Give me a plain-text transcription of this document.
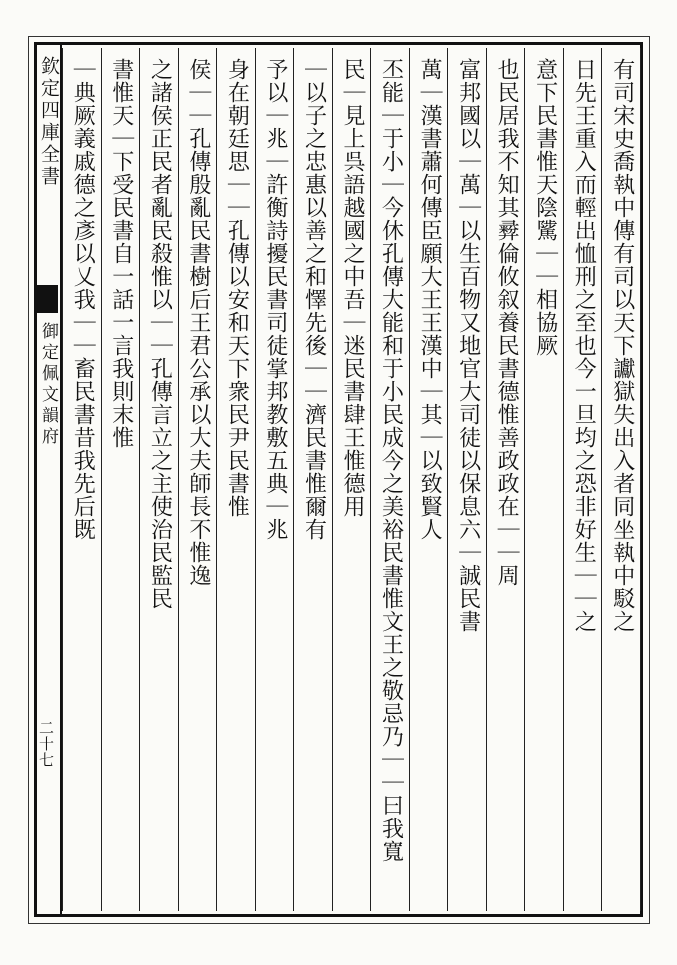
欽定四庫全書
御定佩文韻府
二十七
有司宋史喬執中傳有司以天下讞獄失出入者同坐執中駁之
日先王重入而輕出恤刑之至也今一旦均之恐非好生｜｜之
意下民書惟天陰騭｜｜相協厥
也民居我不知其彛倫攸叙養民書德惟善政政在｜｜周
富邦國以｜萬｜以生百物又地官大司徒以保息六｜誠民書
萬｜漢書蕭何傳臣願大王王漢中｜其｜以致賢人
丕能｜于小｜今休孔傳大能和于小民成今之美裕民書惟文王之敬忌乃｜｜曰我寬
民｜見上呉語越國之中吾｜迷民書肆王惟德用
｜以子之忠惠以善之和懌先後｜｜濟民書惟爾有
予以｜兆｜許衡詩擾民書司徒掌邦教敷五典｜兆
身在朝廷思｜｜孔傳以安和天下衆民尹民書惟
侯｜｜孔傳殷亂民書樹后王君公承以大夫師長不惟逸
之諸侯正民者亂民殺惟以｜｜孔傳言立之主使治民監民
書惟天｜下受民書自一話一言我則末惟
｜典厥義戚德之彥以乂我｜｜畜民書昔我先后既
